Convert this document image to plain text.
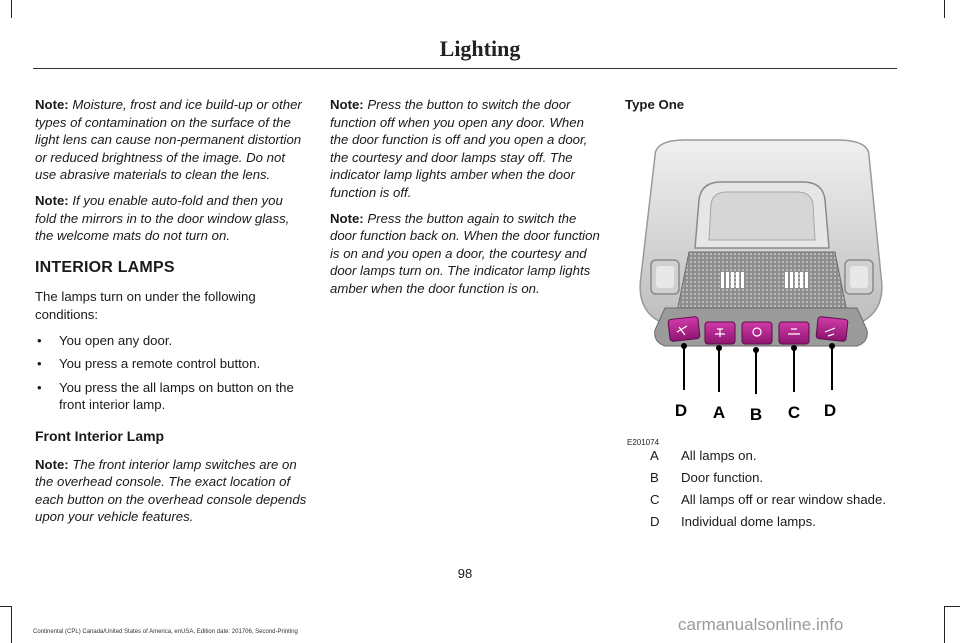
Lighting

Note: Moisture, frost and ice build-up or other types of contamination on the surface of the light lens can cause non-permanent distortion or reduced brightness of the image. Do not use abrasive materials to clean the lens.

Note: If you enable auto-fold and then you fold the mirrors in to the door window glass, the welcome mats do not turn on.

INTERIOR LAMPS

The lamps turn on under the following conditions:

• You open any door.
• You press a remote control button.
• You press the all lamps on button on the front interior lamp.
Front Interior Lamp

Note: The front interior lamp switches are on the overhead console. The exact location of each button on the overhead console depends upon your vehicle features.

Note: Press the button to switch the door function off when you open any door. When the door function is off and you open a door, the courtesy and door lamps stay off. The indicator lamp lights amber when the door function is off.

Note: Press the button again to switch the door function back on. When the door function is on and you open a door, the courtesy and door lamps turn on. The indicator lamp lights amber when the door function is on.

Type One
D A B C D
E201074
A	All lamps on.
B	Door function.
C	All lamps off or rear window shade.
D	Individual dome lamps.
98
Continental (CPL) Canada/United States of America, enUSA, Edition date: 201706, Second-Printing	carmanualsonline.info
